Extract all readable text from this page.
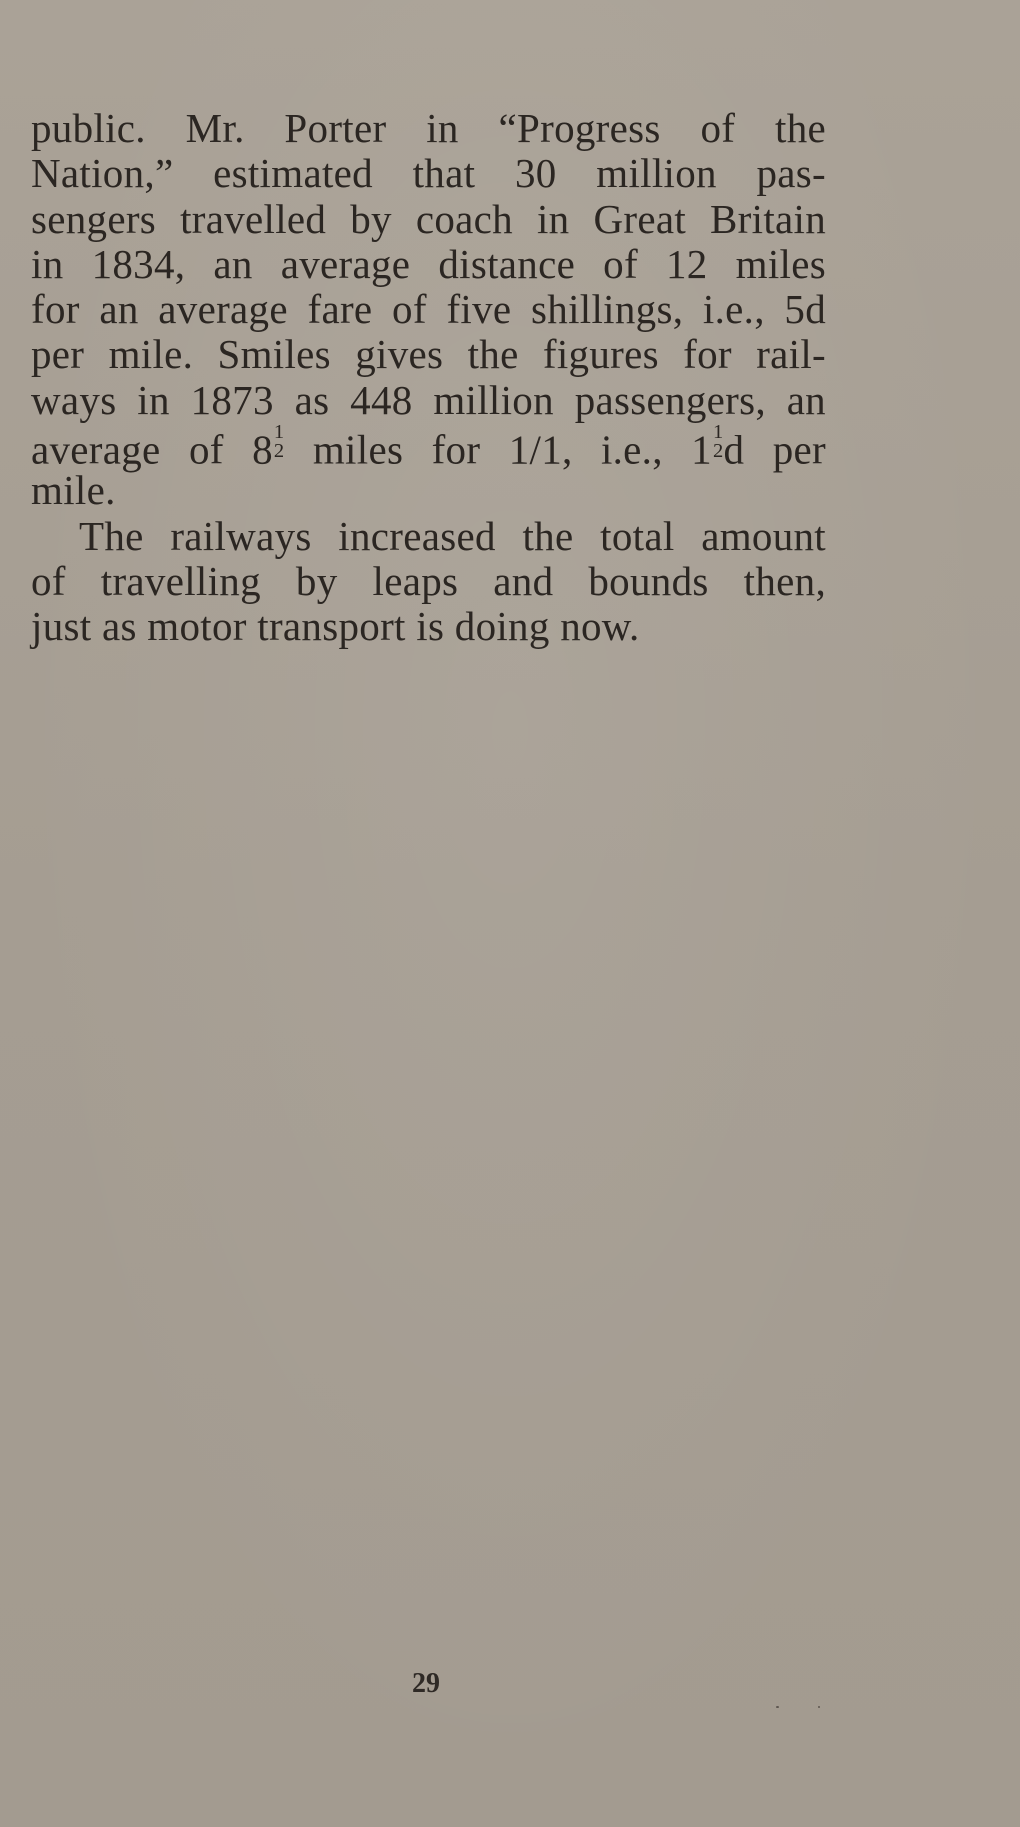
public. Mr. Porter in “Progress of the
Nation,” estimated that 30 million pas-
sengers travelled by coach in Great Britain
in 1834, an average distance of 12 miles
for an average fare of five shillings, i.e., 5d
per mile. Smiles gives the figures for rail-
ways in 1873 as 448 million passengers, an
average of 8 1
2 miles for 1/1, i.e., 1 1
2 d per
mile.
The railways increased the total amount
of travelling by leaps and bounds then,
just as motor transport is doing now.
29
